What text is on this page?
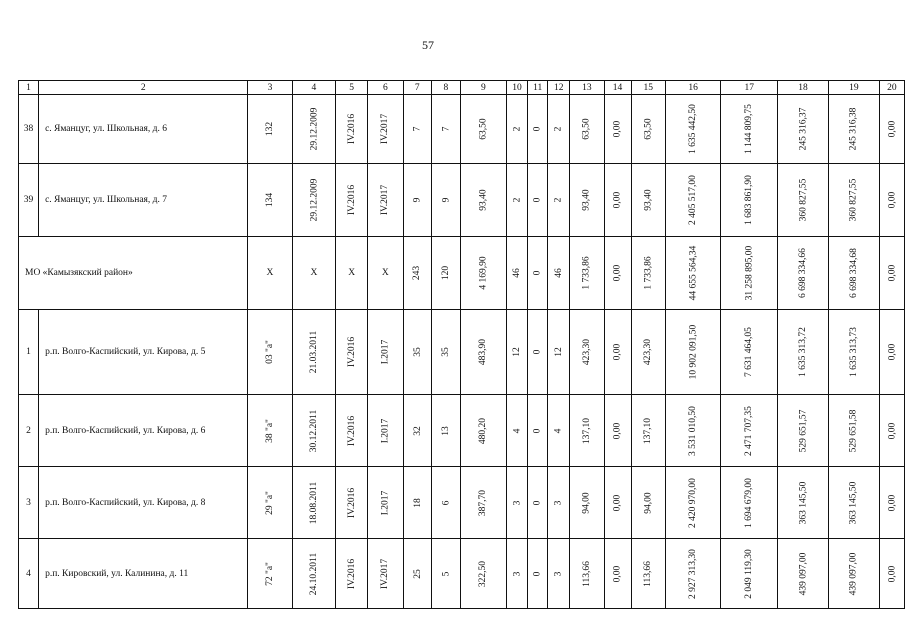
57
1	2	3	4	5	6	7	8	9	10	11	12	13	14	15	16	17	18	19	20
38	с. Яманцуг, ул. Школьная, д. 6	132	29.12.2009	IV.2016	IV.2017	7	7	63,50	2	0	2	63,50	0,00	63,50	1 635 442,50	1 144 809,75	245 316,37	245 316,38	0,00
39	с. Яманцуг, ул. Школьная, д. 7	134	29.12.2009	IV.2016	IV.2017	9	9	93,40	2	0	2	93,40	0,00	93,40	2 405 517,00	1 683 861,90	360 827,55	360 827,55	0,00
МО «Камызякский район»		Х	Х	Х	Х	243	120	4 169,90	46	0	46	1 733,86	0,00	1 733,86	44 655 564,34	31 258 895,00	6 698 334,66	6 698 334,68	0,00
1	р.п. Волго-Каспийский, ул. Кирова, д. 5	03 "а"	21.03.2011	IV.2016	I.2017	35	35	483,90	12	0	12	423,30	0,00	423,30	10 902 091,50	7 631 464,05	1 635 313,72	1 635 313,73	0,00
2	р.п. Волго-Каспийский, ул. Кирова, д. 6	38 "а"	30.12.2011	IV.2016	I.2017	32	13	480,20	4	0	4	137,10	0,00	137,10	3 531 010,50	2 471 707,35	529 651,57	529 651,58	0,00
3	р.п. Волго-Каспийский, ул. Кирова, д. 8	29 "а"	18.08.2011	IV.2016	I.2017	18	6	387,70	3	0	3	94,00	0,00	94,00	2 420 970,00	1 694 679,00	363 145,50	363 145,50	0,00
4	р.п. Кировский, ул. Калинина, д. 11	72 "а"	24.10.2011	IV.2016	IV.2017	25	5	322,50	3	0	3	113,66	0,00	113,66	2 927 313,30	2 049 119,30	439 097,00	439 097,00	0,00
